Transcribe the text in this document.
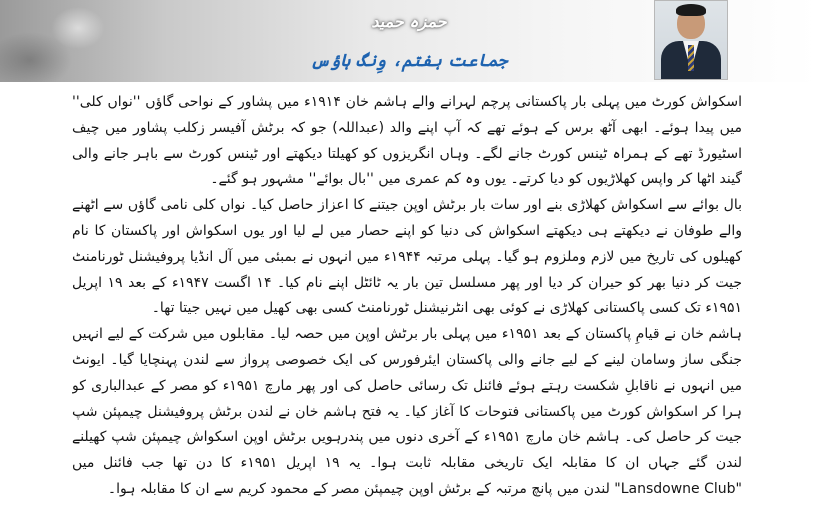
حمزہ حمید
جماعت ہفتم، وِنگ ہاؤس

اسکواش کورٹ میں پہلی بار پاکستانی پرچم لہرانے والے ہاشم خان ۱۹۱۴ء میں پشاور کے نواحی گاؤں ''نواں کلی'' میں پیدا ہوئے۔ ابھی آٹھ برس کے ہوئے تھے کہ آپ اپنے والد (عبداللہ) جو کہ برٹش آفیسر زکلب پشاور میں چیف اسٹیورڈ تھے کے ہمراہ ٹینس کورٹ جانے لگے۔ وہاں انگریزوں کو کھیلتا دیکھتے اور ٹینس کورٹ سے باہر جانے والی گیند اٹھا کر واپس کھلاڑیوں کو دیا کرتے۔ یوں وہ کم عمری میں ''بال بوائے'' مشہور ہو گئے۔

بال بوائے سے اسکواش کھلاڑی بنے اور سات بار برٹش اوپن جیتنے کا اعزاز حاصل کیا۔ نواں کلی نامی گاؤں سے اٹھنے والے طوفان نے دیکھتے ہی دیکھتے اسکواش کی دنیا کو اپنے حصار میں لے لیا اور یوں اسکواش اور پاکستان کا نام کھیلوں کی تاریخ میں لازم وملزوم ہو گیا۔ پہلی مرتبہ ۱۹۴۴ء میں انہوں نے بمبئی میں آل انڈیا پروفیشنل ٹورنامنٹ جیت کر دنیا بھر کو حیران کر دیا اور پھر مسلسل تین بار یہ ٹائٹل اپنے نام کیا۔ ۱۴ اگست ۱۹۴۷ء کے بعد ۱۹ اپریل ۱۹۵۱ء تک کسی پاکستانی کھلاڑی نے کوئی بھی انٹرنیشنل ٹورنامنٹ کسی بھی کھیل میں نہیں جیتا تھا۔

ہاشم خان نے قیامِ پاکستان کے بعد ۱۹۵۱ء میں پہلی بار برٹش اوپن میں حصہ لیا۔ مقابلوں میں شرکت کے لیے انہیں جنگی ساز وسامان لینے کے لیے جانے والی پاکستان ایئرفورس کی ایک خصوصی پرواز سے لندن پہنچایا گیا۔ ایونٹ میں انہوں نے ناقابلِ شکست رہتے ہوئے فائنل تک رسائی حاصل کی اور پھر مارچ ۱۹۵۱ء کو مصر کے عبدالباری کو ہرا کر اسکواش کورٹ میں پاکستانی فتوحات کا آغاز کیا۔ یہ فتح ہاشم خان نے لندن برٹش پروفیشنل چیمپئن شپ جیت کر حاصل کی۔ ہاشم خان مارچ ۱۹۵۱ء کے آخری دنوں میں پندرہویں برٹش اوپن اسکواش چیمپئن شپ کھیلنے لندن گئے جہاں ان کا مقابلہ ایک تاریخی مقابلہ ثابت ہوا۔ یہ ۱۹ اپریل ۱۹۵۱ء کا دن تھا جب فائنل میں "Lansdowne Club" لندن میں پانچ مرتبہ کے برٹش اوپن چیمپئن مصر کے محمود کریم سے ان کا مقابلہ ہوا۔
